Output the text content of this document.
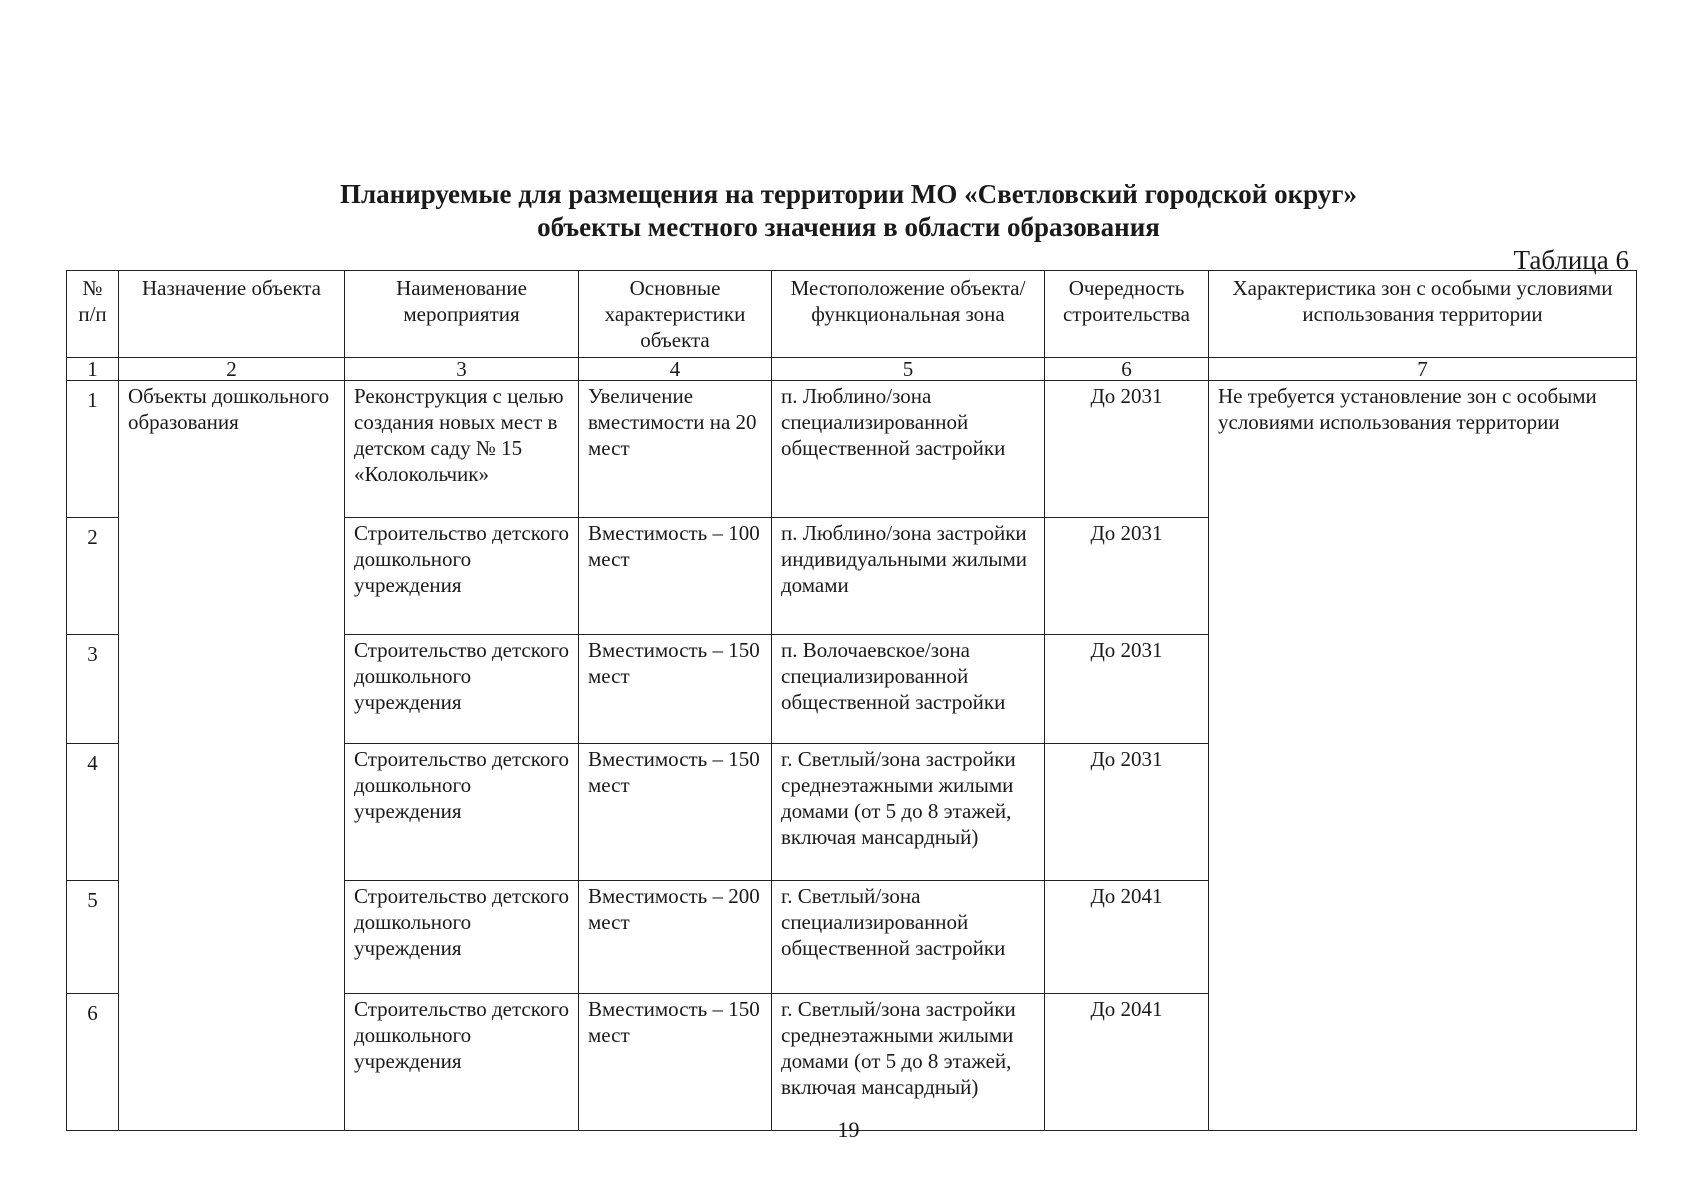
Планируемые для размещения на территории МО «Светловский городской округ»
объекты местного значения в области образования
Таблица 6
№ п/п	Назначение объекта	Наименование мероприятия	Основные характеристики объекта	Местоположение объекта/функциональная зона	Очередность строительства	Характеристика зон с особыми условиями использования территории
1	2	3	4	5	6	7
1	Объекты дошкольного образования	Реконструкция с целью создания новых мест в детском саду № 15 «Колокольчик»	Увеличение вместимости на 20 мест	п. Люблино/зона специализированной общественной застройки	До 2031	Не требуется установление зон с особыми условиями использования территории
2		Строительство детского дошкольного учреждения	Вместимость – 100 мест	п. Люблино/зона застройки индивидуальными жилыми домами	До 2031	
3		Строительство детского дошкольного учреждения	Вместимость – 150 мест	п. Волочаевское/зона специализированной общественной застройки	До 2031	
4		Строительство детского дошкольного учреждения	Вместимость – 150 мест	г. Светлый/зона застройки среднеэтажными жилыми домами (от 5 до 8 этажей, включая мансардный)	До 2031	
5		Строительство детского дошкольного учреждения	Вместимость – 200 мест	г. Светлый/зона специализированной общественной застройки	До 2041	
6		Строительство детского дошкольного учреждения	Вместимость – 150 мест	г. Светлый/зона застройки среднеэтажными жилыми домами (от 5 до 8 этажей, включая мансардный)	До 2041	
19
